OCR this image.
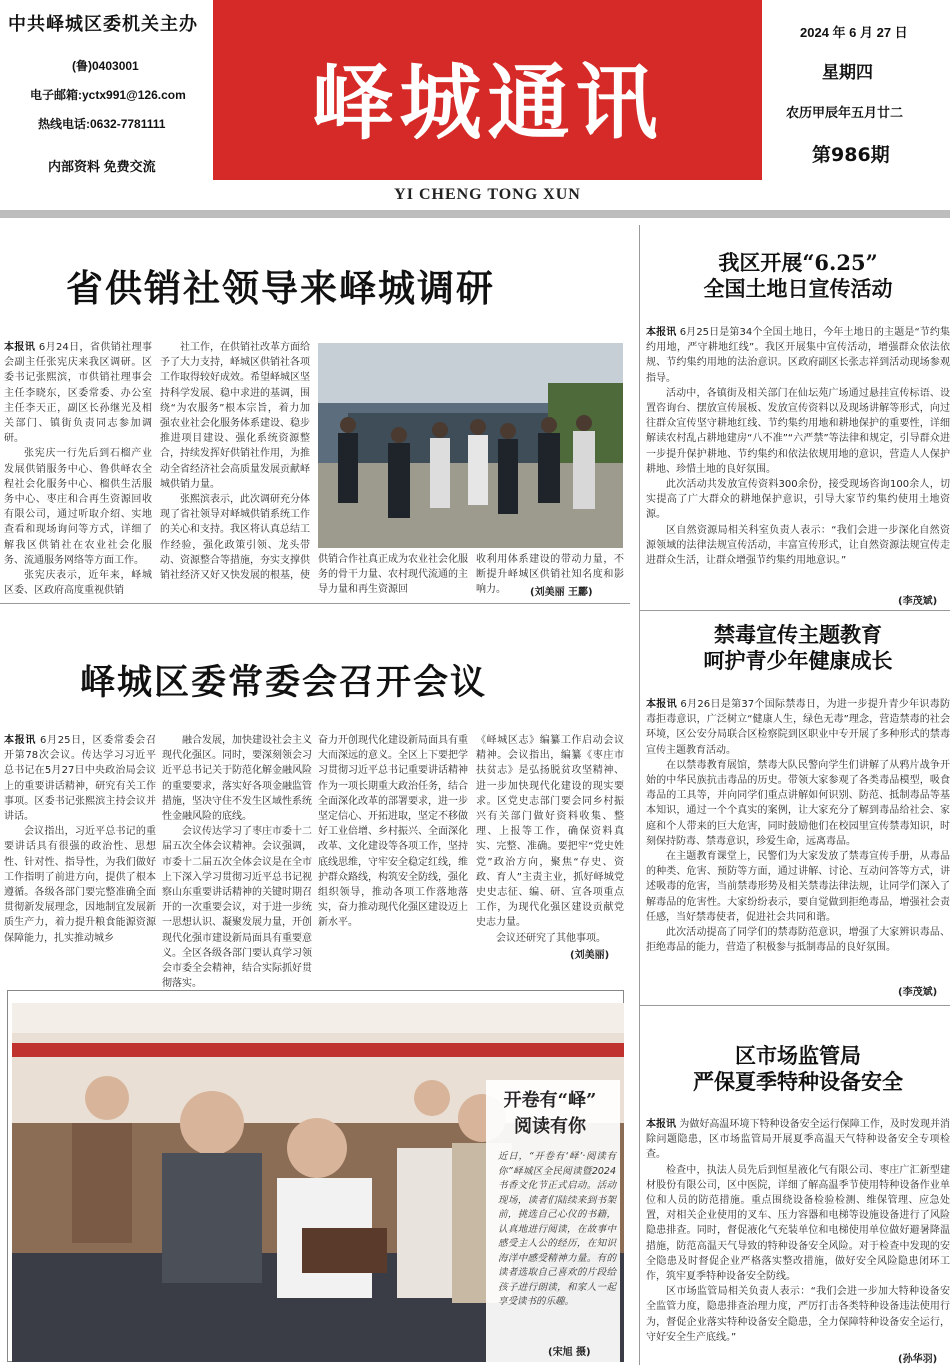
中共峄城区委机关主办
(鲁)0403001
电子邮箱:yctx991@126.com
热线电话:0632-7781111
内部资料 免费交流
峄城通讯
YI CHENG TONG XUN
2024 年 6 月 27 日
星期四
农历甲辰年五月廿二
第986期
省供销社领导来峄城调研

本报讯 6月24日，省供销社理事会副主任张宪庆来我区调研。区委书记张熙滨，市供销社理事会主任李晓东，区委常委、办公室主任李天正，副区长孙继光及相关部门、镇街负责同志参加调研。

张宪庆一行先后到石榴产业发展供销服务中心、鲁供峄农全程社会化服务中心、榴供生活服务中心、枣庄和合再生资源回收有限公司，通过听取介绍、实地查看和现场询问等方式，详细了解我区供销社在农业社会化服务、流通服务网络等方面工作。

张宪庆表示，近年来，峄城区委、区政府高度重视供销

社工作，在供销社改革方面给予了大力支持，峄城区供销社各项工作取得较好成效。希望峄城区坚持科学发展、稳中求进的基调，围绕“为农服务”根本宗旨，着力加强农业社会化服务体系建设、稳步推进项目建设、强化系统资源整合，持续发挥好供销社作用，为推动全省经济社会高质量发展贡献峄城供销力量。

张熙滨表示，此次调研充分体现了省社领导对峄城供销系统工作的关心和支持。我区将认真总结工作经验，强化政策引领、龙头带动、资源整合等措施，夯实支撑供销社经济又好又快发展的根基，使

供销合作社真正成为农业社会化服务的骨干力量、农村现代流通的主导力量和再生资源回

收利用体系建设的带动力量，不断提升峄城区供销社知名度和影响力。	(刘美丽 王酈)
峄城区委常委会召开会议

本报讯 6月25日，区委常委会召开第78次会议。传达学习习近平总书记在5月27日中央政治局会议上的重要讲话精神，研究有关工作事项。区委书记张熙滨主持会议并讲话。

会议指出，习近平总书记的重要讲话具有很强的政治性、思想性、针对性、指导性，为我们做好工作指明了前进方向，提供了根本遵循。各级各部门要完整准确全面贯彻新发展理念，因地制宜发展新质生产力，着力提升粮食能源资源保障能力，扎实推动城乡

融合发展，加快建设社会主义现代化强区。同时，要深刻领会习近平总书记关于防范化解金融风险的重要要求，落实好各项金融监管措施，坚决守住不发生区域性系统性金融风险的底线。

会议传达学习了枣庄市委十二届五次全体会议精神。会议强调，市委十二届五次全体会议是在全市上下深入学习贯彻习近平总书记视察山东重要讲话精神的关键时期召开的一次重要会议，对于进一步统一思想认识、凝聚发展力量，开创现代化强市建设新局面具有重要意义。全区各级各部门要认真学习领会市委全会精神，结合实际抓好贯彻落实。

奋力开创现代化建设新局面具有重大而深远的意义。全区上下要把学习贯彻习近平总书记重要讲话精神作为一项长期重大政治任务，结合全面深化改革的部署要求，进一步坚定信心、开拓进取，坚定不移做好工业倍增、乡村振兴、全面深化改革、文化建设等各项工作，坚持底线思维，守牢安全稳定红线，维护群众路线，构筑安全防线，强化组织领导，推动各项工作落地落实，奋力推动现代化强区建设迈上新水平。

《峄城区志》编纂工作启动会议精神。会议指出，编纂《枣庄市扶贫志》是弘扬脱贫攻坚精神、进一步加快现代化建设的现实要求。区党史志部门要会同乡村振兴有关部门做好资料收集、整理、上报等工作，确保资料真实、完整、准确。要把牢“党史姓党”政治方向，聚焦“存史、资政、育人”主责主业，抓好峄城党史史志征、编、研、宣各项重点工作，为现代化强区建设贡献党史志力量。

会议还研究了其他事项。

(刘美丽)
开卷有“峄”
阅读有你
近日，“开卷有‘峄’·阅读有你”峄城区全民阅读暨2024书香文化节正式启动。活动现场，读者们陆续来到书架前，挑选自己心仪的书籍，认真地进行阅读，在故事中感受主人公的经历，在知识海洋中感受精神力量。有的读者选取自己喜欢的片段给孩子进行朗读，和家人一起享受读书的乐趣。
(宋旭 摄)
我区开展“6.25”
全国土地日宣传活动

本报讯 6月25日是第34个全国土地日，今年土地日的主题是“节约集约用地，严守耕地红线”。我区开展集中宣传活动，增强群众依法依规、节约集约用地的法治意识。区政府副区长张志祥到活动现场参观指导。

活动中，各镇街及相关部门在仙坛苑广场通过悬挂宣传标语、设置咨询台、摆放宣传展板、发放宣传资料以及现场讲解等形式，向过往群众宣传坚守耕地红线、节约集约用地和耕地保护的重要性，详细解读农村乱占耕地建房“八不准”“六严禁”等法律和规定，引导群众进一步提升保护耕地、节约集约和依法依规用地的意识，营造人人保护耕地、珍惜土地的良好氛围。

此次活动共发放宣传资料300余份，接受现场咨询100余人，切实提高了广大群众的耕地保护意识，引导大家节约集约使用土地资源。

区自然资源局相关科室负责人表示：“我们会进一步深化自然资源领域的法律法规宣传活动，丰富宣传形式，让自然资源法规宣传走进群众生活，让群众增强节约集约用地意识。”

(李茂斌)
禁毒宣传主题教育
呵护青少年健康成长

本报讯 6月26日是第37个国际禁毒日，为进一步提升青少年识毒防毒拒毒意识，广泛树立“健康人生，绿色无毒”理念，营造禁毒的社会环境，区公安分局联合区检察院到区职业中专开展了多种形式的禁毒宣传主题教育活动。

在以禁毒教育展馆，禁毒大队民警向学生们讲解了从鸦片战争开始的中华民族抗击毒品的历史。带领大家参观了各类毒品模型，吸食毒品的工具等，并向同学们重点讲解如何识别、防范、抵制毒品等基本知识，通过一个个真实的案例，让大家充分了解到毒品给社会、家庭和个人带来的巨大危害，同时鼓励他们在校园里宣传禁毒知识，时刻保持防毒、禁毒意识，珍爱生命，远离毒品。

在主题教育课堂上，民警们为大家发放了禁毒宣传手册，从毒品的种类、危害、预防等方面，通过讲解、讨论、互动问答等方式，讲述吸毒的危害，当前禁毒形势及相关禁毒法律法规，让同学们深入了解毒品的危害性。大家纷纷表示，要自觉做到拒绝毒品，增强社会责任感，当好禁毒使者，促进社会共同和谐。

此次活动提高了同学们的禁毒防范意识，增强了大家辨识毒品、拒绝毒品的能力，营造了积极参与抵制毒品的良好氛围。

(李茂斌)
区市场监管局
严保夏季特种设备安全

本报讯 为做好高温环境下特种设备安全运行保障工作，及时发现并消除问题隐患，区市场监管局开展夏季高温天气特种设备安全专项检查。

检查中，执法人员先后到恒星液化气有限公司、枣庄广汇新型建材股份有限公司，区中医院，详细了解高温季节使用特种设备作业单位和人员的防范措施。重点围绕设备检验检测、维保管理、应急处置，对相关企业使用的叉车、压力容器和电梯等设施设备进行了风险隐患排查。同时，督促液化气充装单位和电梯使用单位做好避暑降温措施，防范高温天气导致的特种设备安全风险。对于检查中发现的安全隐患及时督促企业严格落实整改措施，做好安全风险隐患闭环工作，筑牢夏季特种设备安全防线。

区市场监管局相关负责人表示：“我们会进一步加大特种设备安全监管力度，隐患排查治理力度，严厉打击各类特种设备违法使用行为，督促企业落实特种设备安全隐患，全力保障特种设备安全运行，守好安全生产底线。”

(孙华羽)
